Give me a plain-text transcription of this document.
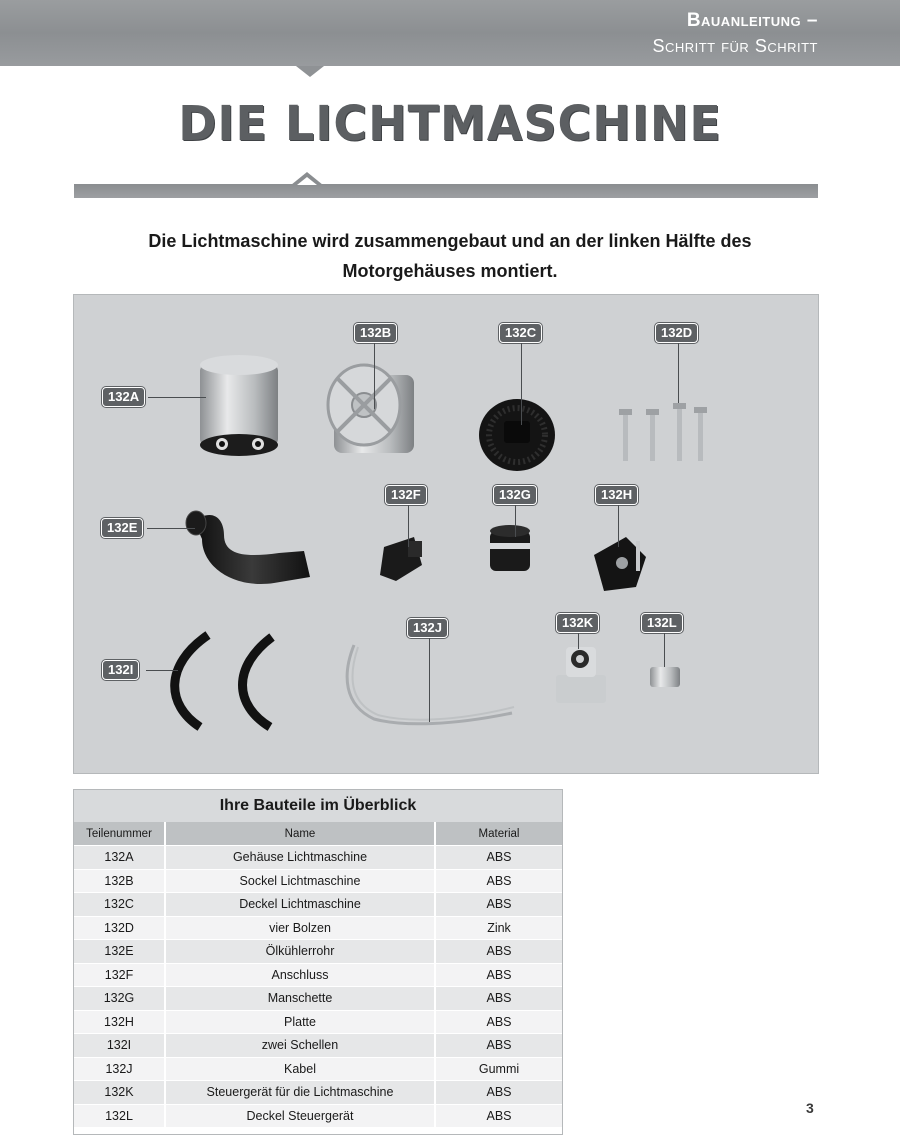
Bauanleitung –
Schritt für Schritt
DIE LICHTMASCHINE
Die Lichtmaschine wird zusammengebaut und an der linken Hälfte des
Motorgehäuses montiert.
132A
132B	132C	132D
132E
132F	132G	132H
132I
132J	132K	132L
Ihre Bauteile im Überblick
Teilenummer	Name	Material
132A	Gehäuse Lichtmaschine	ABS
132B	Sockel Lichtmaschine	ABS
132C	Deckel Lichtmaschine	ABS
132D	vier Bolzen	Zink
132E	Ölkühlerrohr	ABS
132F	Anschluss	ABS
132G	Manschette	ABS
132H	Platte	ABS
132I	zwei Schellen	ABS
132J	Kabel	Gummi
132K	Steuergerät für die Lichtmaschine	ABS
132L	Deckel Steuergerät	ABS	3
